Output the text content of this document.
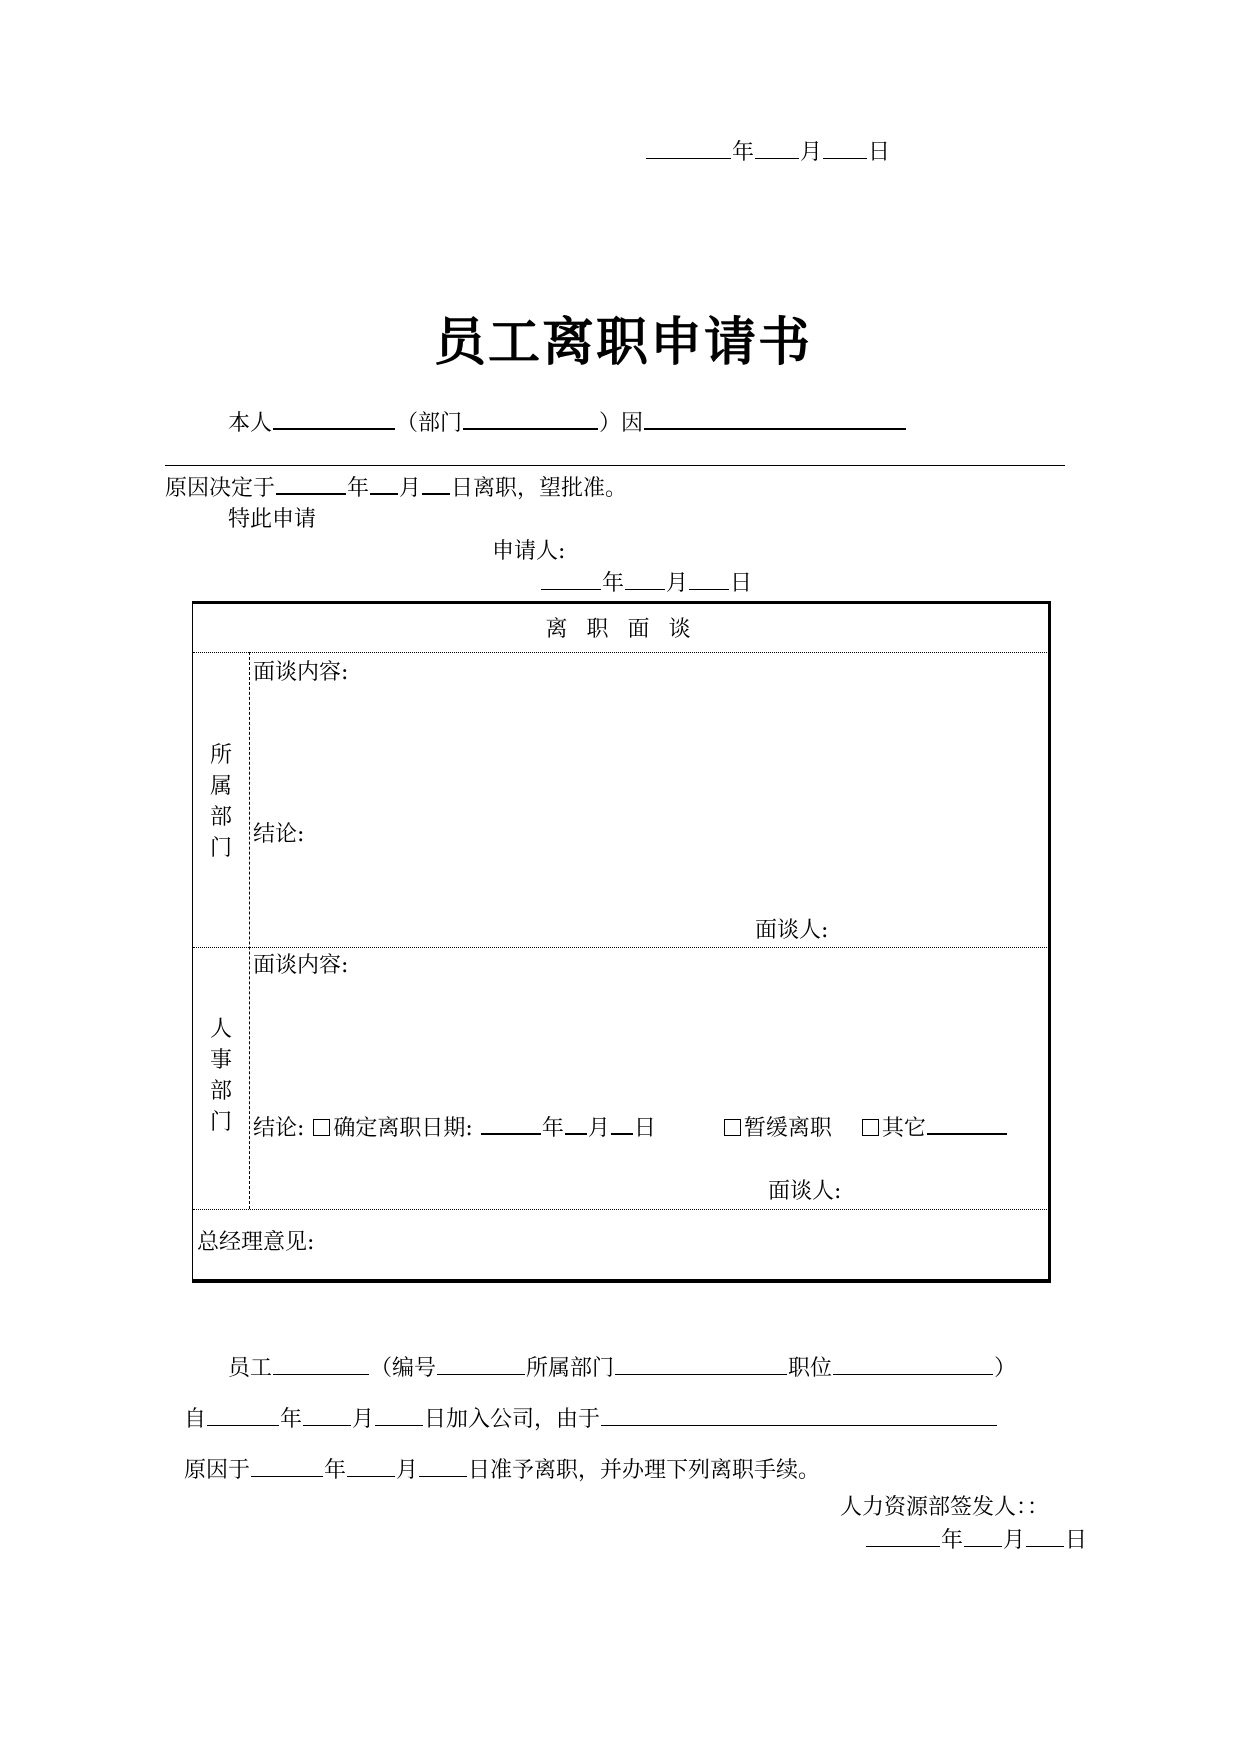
年 月 日
员工离职申请书
本人	（部门	）因
原因决定于	年 月 日离职，望批准。
特此申请
申请人:
年 月 日
离 职 面 谈
所属部门
面谈内容:
结论:
面谈人:
人事部门
面谈内容:
结论: 确定离职日期:	年 月 日	暂缓离职 其它
面谈人:
总经理意见:
员工	（编号	所属部门	职位	）
自	年 月 日加入公司，由于
原因于	年 月 日准予离职，并办理下列离职手续。
人力资源部签发人：：
年 月 日
